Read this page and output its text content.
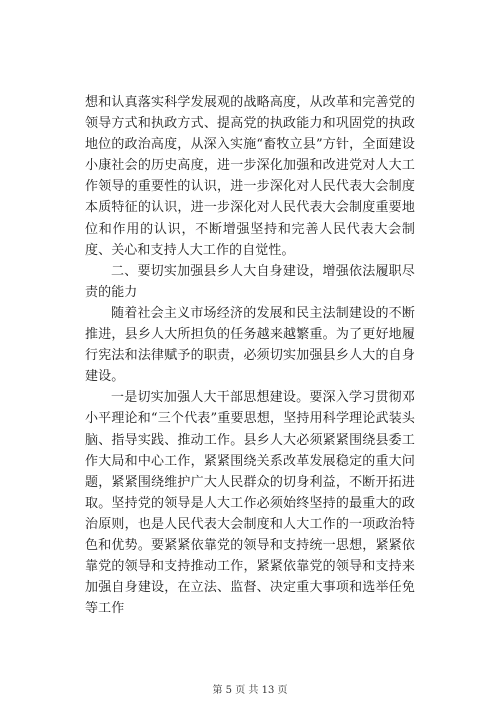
想和认真落实科学发展观的战略高度，从改革和完善党的领导方式和执政方式、提高党的执政能力和巩固党的执政地位的政治高度，从深入实施“畜牧立县”方针，全面建设小康社会的历史高度，进一步深化加强和改进党对人大工作领导的重要性的认识，进一步深化对人民代表大会制度本质特征的认识，进一步深化对人民代表大会制度重要地位和作用的认识，不断增强坚持和完善人民代表大会制度、关心和支持人大工作的自觉性。

二、要切实加强县乡人大自身建设，增强依法履职尽责的能力

随着社会主义市场经济的发展和民主法制建设的不断推进，县乡人大所担负的任务越来越繁重。为了更好地履行宪法和法律赋予的职责，必须切实加强县乡人大的自身建设。

一是切实加强人大干部思想建设。要深入学习贯彻邓小平理论和“三个代表”重要思想，坚持用科学理论武装头脑、指导实践、推动工作。县乡人大必须紧紧围绕县委工作大局和中心工作，紧紧围绕关系改革发展稳定的重大问题，紧紧围绕维护广大人民群众的切身利益，不断开拓进取。坚持党的领导是人大工作必须始终坚持的最重大的政治原则，也是人民代表大会制度和人大工作的一项政治特色和优势。要紧紧依靠党的领导和支持统一思想，紧紧依靠党的领导和支持推动工作，紧紧依靠党的领导和支持来加强自身建设，在立法、监督、决定重大事项和选举任免等工作

第 5 页 共 13 页
